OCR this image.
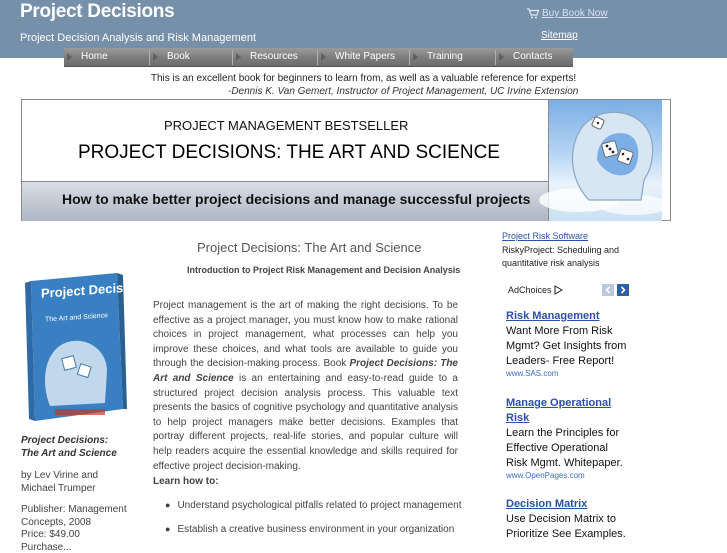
Project Decisions
Project Decision Analysis and Risk Management
Buy Book Now
Sitemap
Home	Book	Resources	White Papers	Training	Contacts
This is an excellent book for beginners to learn from, as well as a valuable reference for experts!
-Dennis K. Van Gemert, Instructor of Project Management, UC Irvine Extension
PROJECT MANAGEMENT BESTSELLER
PROJECT DECISIONS: THE ART AND SCIENCE
How to make better project decisions and manage successful projects
Project Decisions
The Art and Science
Project Decisions:
The Art and Science
by Lev Virine and
Michael Trumper
Publisher: Management
Concepts, 2008
Price: $49.00
Purchase...
Project Decisions: The Art and Science
Introduction to Project Risk Management and Decision Analysis
Project management is the art of making the right decisions. To be effective as a project manager, you must know how to make rational choices in project management, what processes can help you improve these choices, and what tools are available to guide you through the decision-making process. Book Project Decisions: The Art and Science is an entertaining and easy-to-read guide to a structured project decision analysis process. This valuable text presents the basics of cognitive psychology and quantitative analysis to help project managers make better decisions. Examples that portray different projects, real-life stories, and popular culture will help readers acquire the essential knowledge and skills required for effective project decision-making.
Learn how to:
● Understand psychological pitfalls related to project management
● Establish a creative business environment in your organization
Project Risk Software
RiskyProject: Scheduling and quantitative risk analysis
AdChoices
Risk Management
Want More From Risk
Mgmt? Get Insights from
Leaders- Free Report!
www.SAS.com
Manage Operational
Risk
Learn the Principles for
Effective Operational
Risk Mgmt. Whitepaper.
www.OpenPages.com
Decision Matrix
Use Decision Matrix to
Prioritize See Examples.
